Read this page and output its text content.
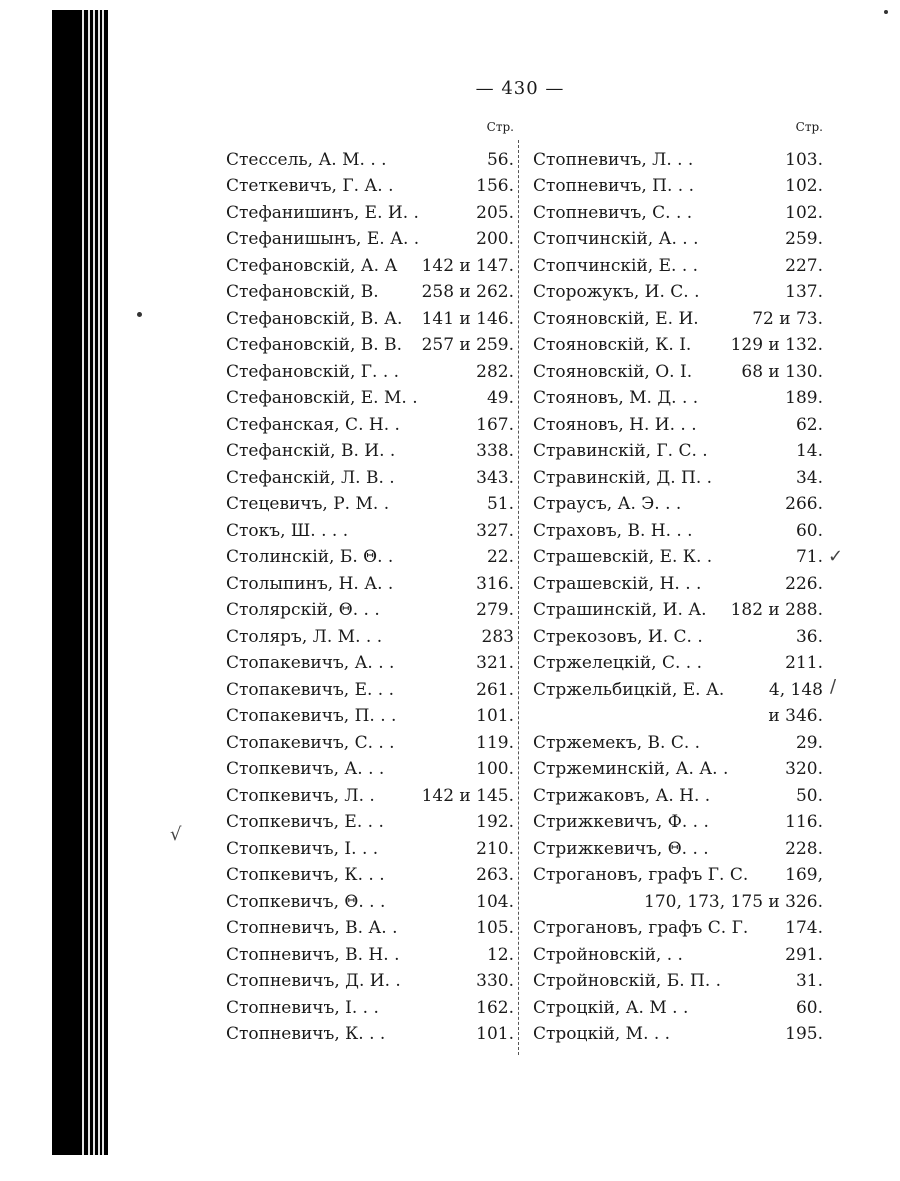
— 430 —
Стр.
Стессель, А. М. . .	56.
Стеткевичъ, Г. А. .	156.
Стефанишинъ, Е. И. .	205.
Стефанишынъ, Е. А. .	200.
Стефановскій, А. А	142 и 147.
Стефановскій, В.	258 и 262.
Стефановскій, В. А.	141 и 146.
Стефановскій, В. В.	257 и 259.
Стефановскій, Г. . .	282.
Стефановскій, Е. М. .	49.
Стефанская, С. Н. .	167.
Стефанскій, В. И. .	338.
Стефанскій, Л. В. .	343.
Стецевичъ, Р. М. .	51.
Стокъ, Ш. . . .	327.
Столинскій, Б. Θ. .	22.
Столыпинъ, Н. А. .	316.
Столярскій, Θ. . .	279.
Столяръ, Л. М. . .	283
Стопакевичъ, А. . .	321.
Стопакевичъ, Е. . .	261.
Стопакевичъ, П. . .	101.
Стопакевичъ, С. . .	119.
Стопкевичъ, А. . .	100.
Стопкевичъ, Л. .	142 и 145.
Стопкевичъ, Е. . .	192.
Стопкевичъ, І. . .	210.
Стопкевичъ, К. . .	263.
Стопкевичъ, Θ. . .	104.
Стопневичъ, В. А. .	105.
Стопневичъ, В. Н. .	12.
Стопневичъ, Д. И. .	330.
Стопневичъ, І. . .	162.
Стопневичъ, К. . .	101.
Стр.
Стопневичъ, Л. . .	103.
Стопневичъ, П. . .	102.
Стопневичъ, С. . .	102.
Стопчинскій, А. . .	259.
Стопчинскій, Е. . .	227.
Сторожукъ, И. С. .	137.
Стояновскій, Е. И.	72 и 73.
Стояновскій, К. І.	129 и 132.
Стояновскій, О. І.	68 и 130.
Стояновъ, М. Д. . .	189.
Стояновъ, Н. И. . .	62.
Стравинскій, Г. С. .	14.
Стравинскій, Д. П. .	34.
Страусъ, А. Э. . .	266.
Страховъ, В. Н. . .	60.
Страшевскій, Е. К. .	71.
Страшевскій, Н. . .	226.
Страшинскій, И. А.	182 и 288.
Стрекозовъ, И. С. .	36.
Стржелецкій, С. . .	211.
Стржельбицкій, Е. А.	4, 148
и 346.
Стржемекъ, В. С. .	29.
Стржеминскій, А. А. .	320.
Стрижаковъ, А. Н. .	50.
Стрижкевичъ, Ф. . .	116.
Стрижкевичъ, Θ. . .	228.
Строгановъ, графъ Г. С.	169,
170, 173, 175 и 326.
Строгановъ, графъ С. Г.	174.
Стройновскій, . .	291.
Стройновскій, Б. П. .	31.
Строцкій, А. М . .	60.
Строцкій, М. . .	195.
√
✓
/
